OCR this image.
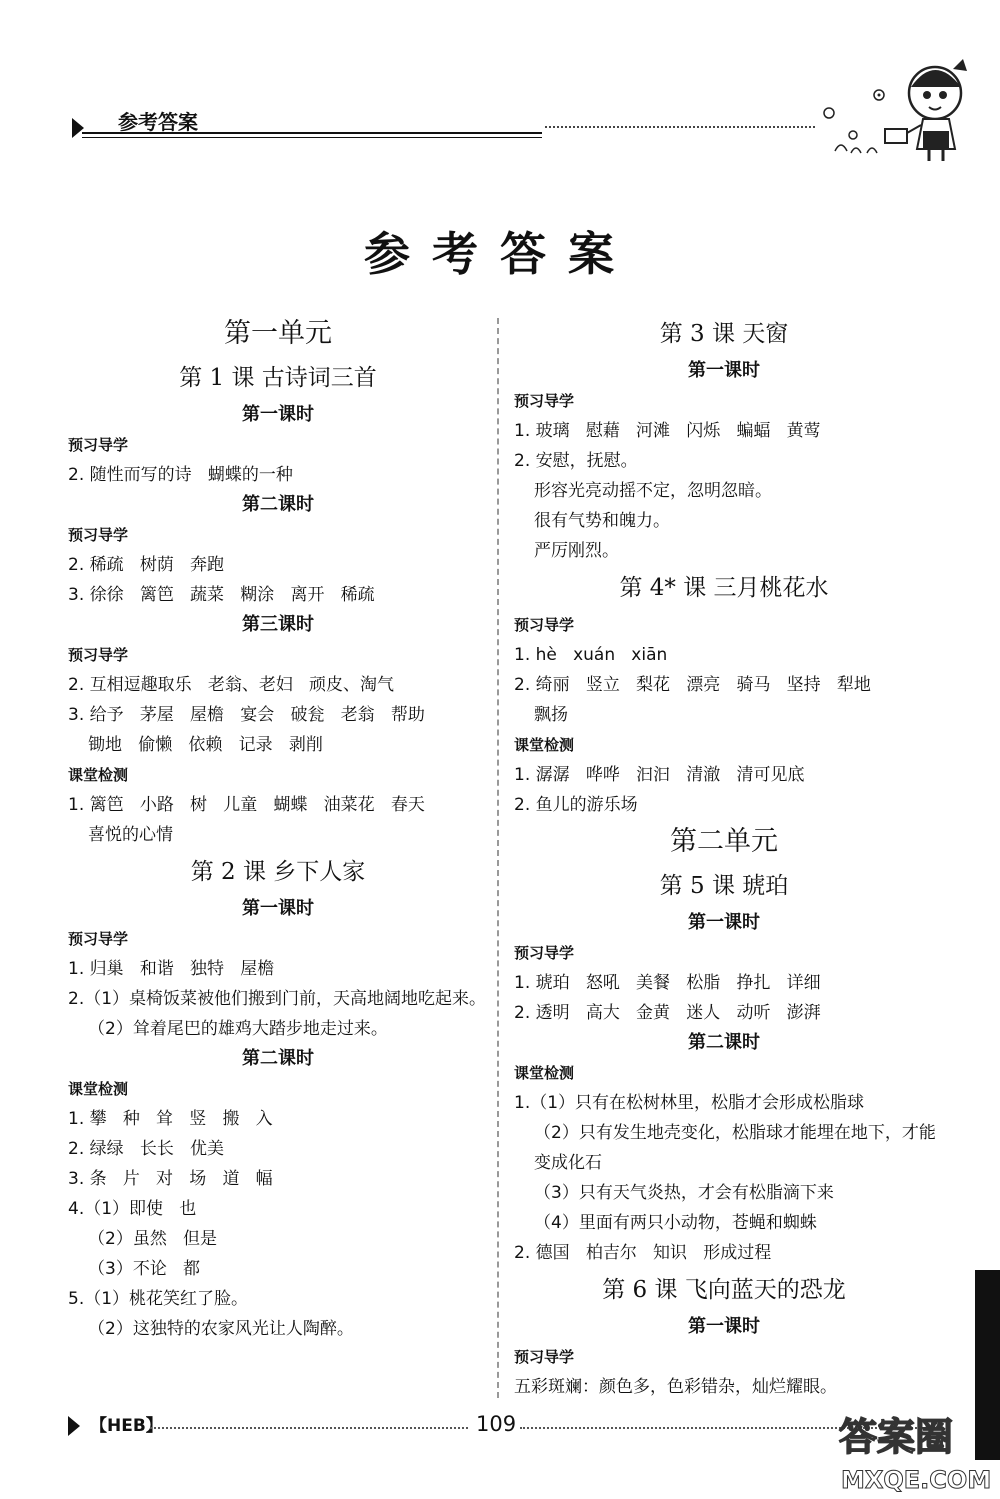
参考答案
参考答案
第一单元
第 1 课 古诗词三首
第一课时
预习导学
2. 随性而写的诗   蝴蝶的一种
第二课时
预习导学
2. 稀疏   树荫   奔跑
3. 徐徐   篱笆   蔬菜   糊涂   离开   稀疏
第三课时
预习导学
2. 互相逗趣取乐   老翁、老妇   顽皮、淘气
3. 给予   茅屋   屋檐   宴会   破瓮   老翁   帮助
锄地   偷懒   依赖   记录   剥削
课堂检测
1. 篱笆   小路   树   儿童   蝴蝶   油菜花   春天
喜悦的心情
第 2 课 乡下人家
第一课时
预习导学
1. 归巢   和谐   独特   屋檐
2.（1）桌椅饭菜被他们搬到门前，天高地阔地吃起来。
（2）耸着尾巴的雄鸡大踏步地走过来。
第二课时
课堂检测
1. 攀   种   耸   竖   搬   入
2. 绿绿   长长   优美
3. 条   片   对   场   道   幅
4.（1）即使   也
（2）虽然   但是
（3）不论   都
5.（1）桃花笑红了脸。
（2）这独特的农家风光让人陶醉。
第 3 课 天窗
第一课时
预习导学
1. 玻璃   慰藉   河滩   闪烁   蝙蝠   黄莺
2. 安慰，抚慰。
形容光亮动摇不定，忽明忽暗。
很有气势和魄力。
严厉刚烈。
第 4* 课 三月桃花水
预习导学
1. hè   xuán   xiān
2. 绮丽   竖立   梨花   漂亮   骑马   坚持   犁地
飘扬
课堂检测
1. 潺潺   哗哗   汩汩   清澈   清可见底
2. 鱼儿的游乐场
第二单元
第 5 课 琥珀
第一课时
预习导学
1. 琥珀   怒吼   美餐   松脂   挣扎   详细
2. 透明   高大   金黄   迷人   动听   澎湃
第二课时
课堂检测
1.（1）只有在松树林里，松脂才会形成松脂球
（2）只有发生地壳变化，松脂球才能埋在地下，才能
变成化石
（3）只有天气炎热，才会有松脂滴下来
（4）里面有两只小动物，苍蝇和蜘蛛
2. 德国   柏吉尔   知识   形成过程
第 6 课 飞向蓝天的恐龙
第一课时
预习导学
五彩斑斓：颜色多，色彩错杂，灿烂耀眼。
【HEB】	109	答案圈
MXQE.COM
